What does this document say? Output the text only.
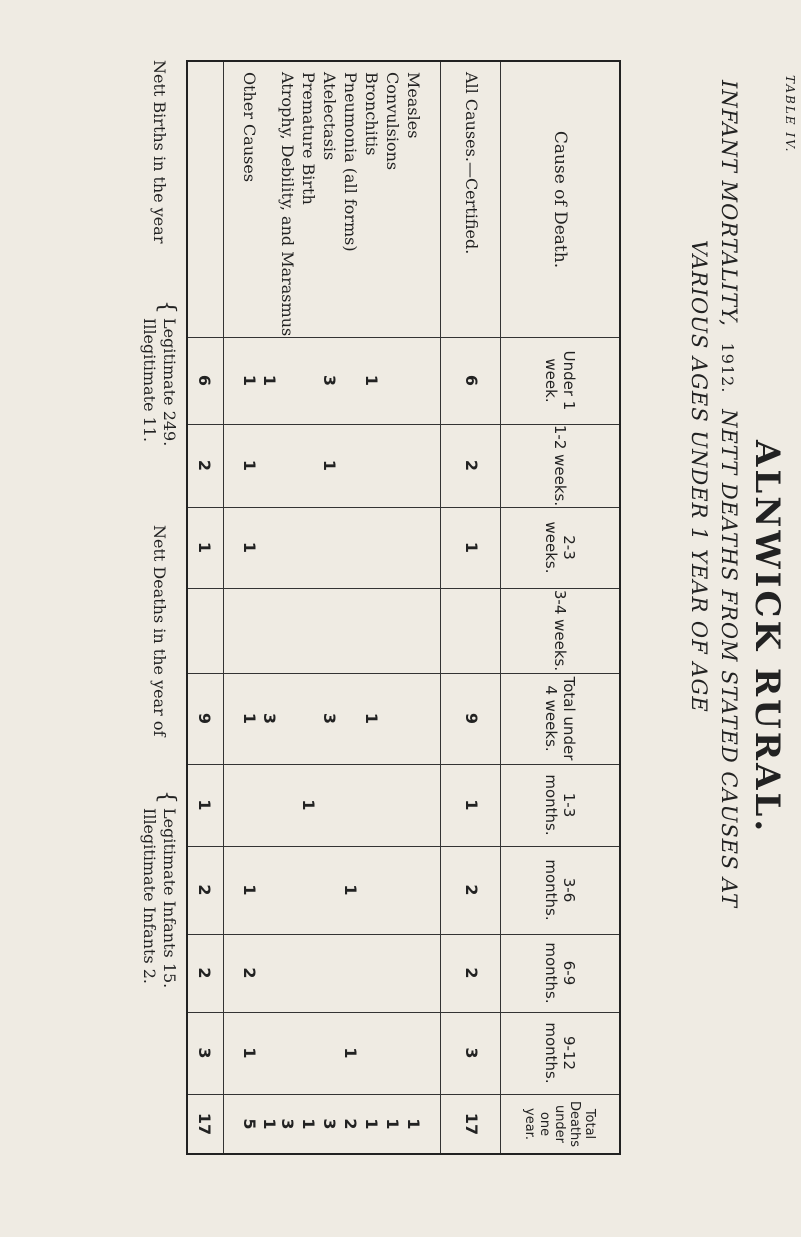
TABLE IV.
ALNWICK RURAL.
INFANT MORTALITY, 1912. NETT DEATHS FROM STATED CAUSES AT
VARIOUS AGES UNDER 1 YEAR OF AGE
Cause of Death.
Under 1 week.
1-2 weeks.
2-3 weeks.
3-4 weeks.
Total under 4 weeks.
1-3 months.
3-6 months.
6-9 months.
9-12 months.
Total Deaths under one year.
All Causes.—Certified.
Measles
Convulsions
Bronchitis
Pneumonia (all forms)
Atelectasis
Premature Birth
Atrophy, Debility, and Marasmus
Other Causes
6
2
1
9
1
2
2
3
17
1
1
1
1
1
1
1
2
3
1
3
3
1
1
3
1
1
1
1
1
2
1
5
1
3
1
6
2
1
9
1
2
2
3
17
Nett Births in the year
{
Legitimate 249.
Illegitimate 11.
Nett Deaths in the year of
{
Legitimate Infants 15.
Illegitimate Infants 2.
